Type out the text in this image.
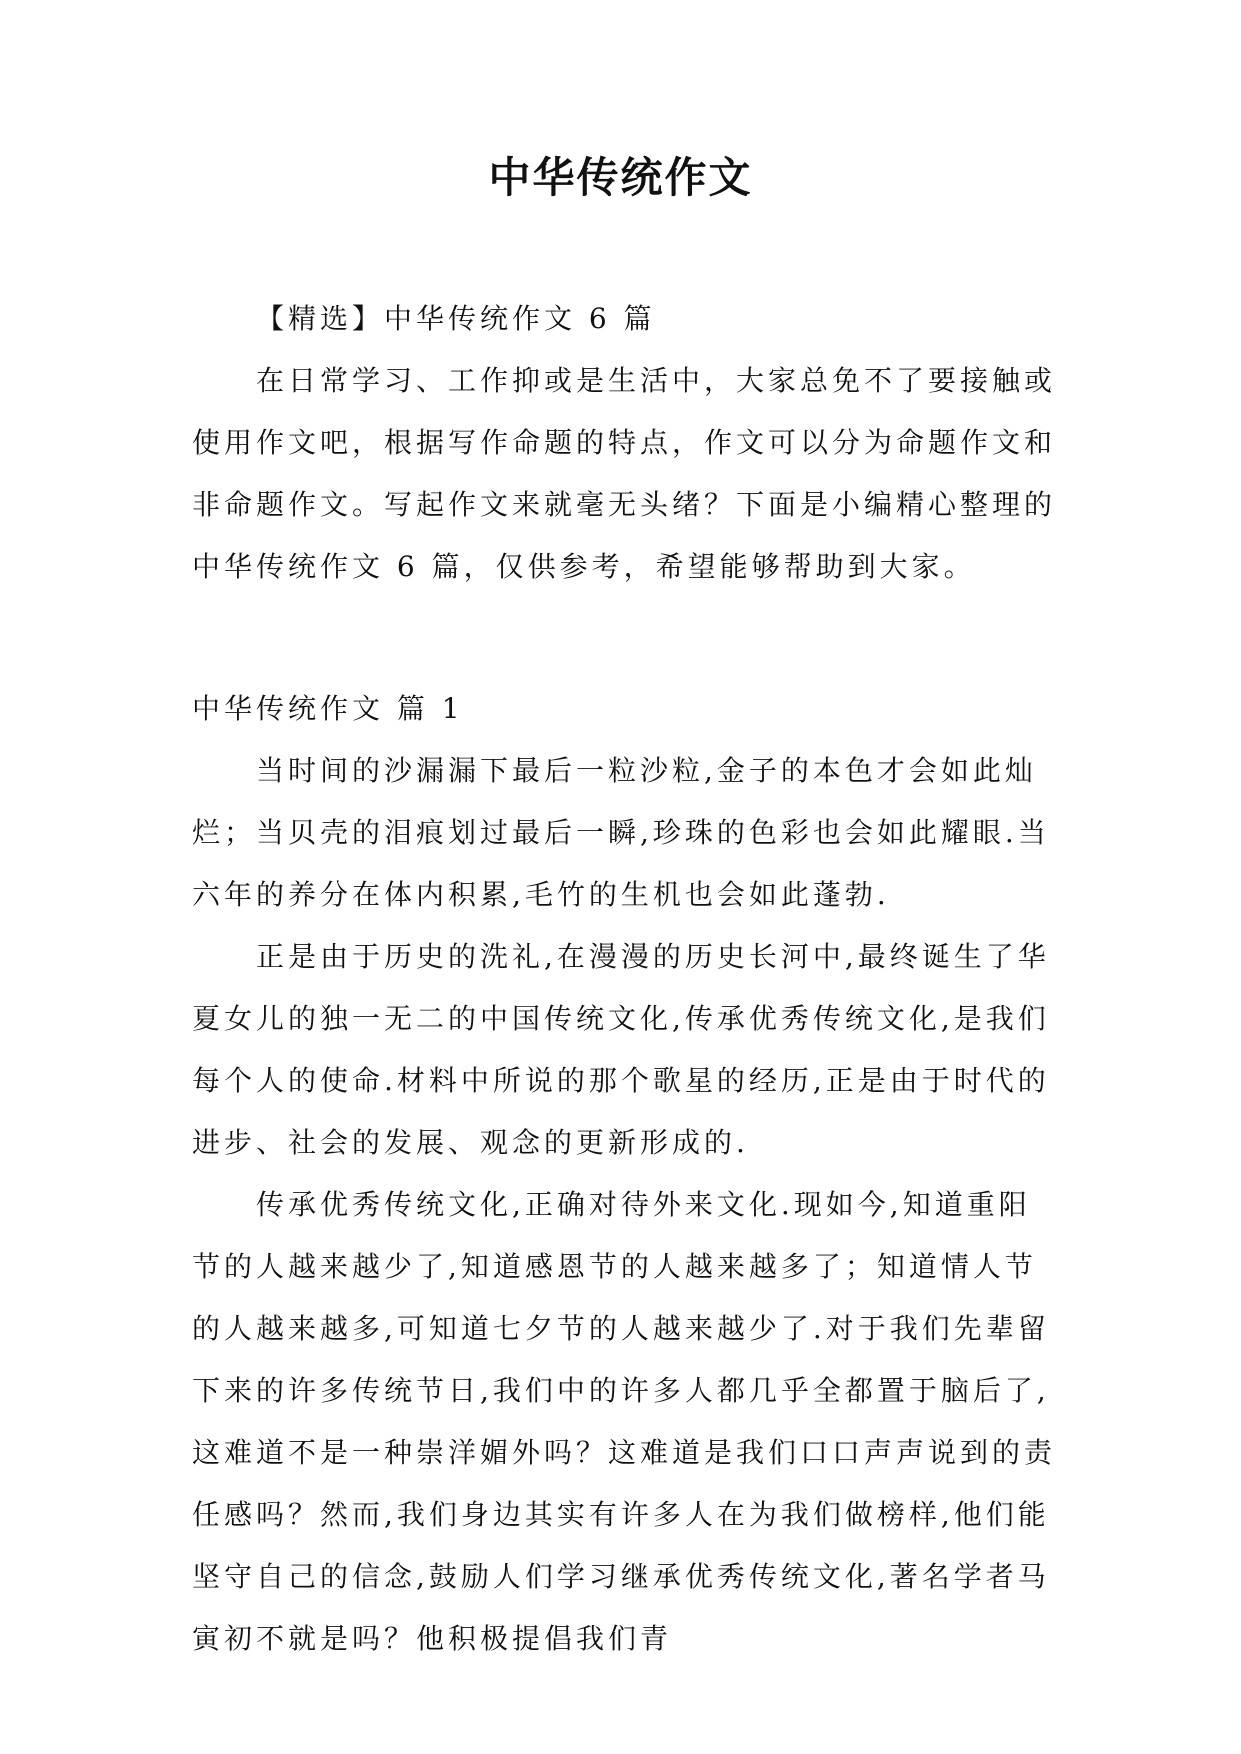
中华传统作文

【精选】中华传统作文 6 篇

在日常学习、工作抑或是生活中，大家总免不了要接触或使用作文吧，根据写作命题的特点，作文可以分为命题作文和非命题作文。写起作文来就毫无头绪？下面是小编精心整理的中华传统作文 6 篇，仅供参考，希望能够帮助到大家。

中华传统作文 篇 1

当时间的沙漏漏下最后一粒沙粒,金子的本色才会如此灿烂；当贝壳的泪痕划过最后一瞬,珍珠的色彩也会如此耀眼.当六年的养分在体内积累,毛竹的生机也会如此蓬勃.

正是由于历史的洗礼,在漫漫的历史长河中,最终诞生了华夏女儿的独一无二的中国传统文化,传承优秀传统文化,是我们每个人的使命.材料中所说的那个歌星的经历,正是由于时代的进步、社会的发展、观念的更新形成的.

传承优秀传统文化,正确对待外来文化.现如今,知道重阳节的人越来越少了,知道感恩节的人越来越多了；知道情人节的人越来越多,可知道七夕节的人越来越少了.对于我们先辈留下来的许多传统节日,我们中的许多人都几乎全都置于脑后了,这难道不是一种崇洋媚外吗？这难道是我们口口声声说到的责任感吗？然而,我们身边其实有许多人在为我们做榜样,他们能坚守自己的信念,鼓励人们学习继承优秀传统文化,著名学者马寅初不就是吗？他积极提倡我们青
